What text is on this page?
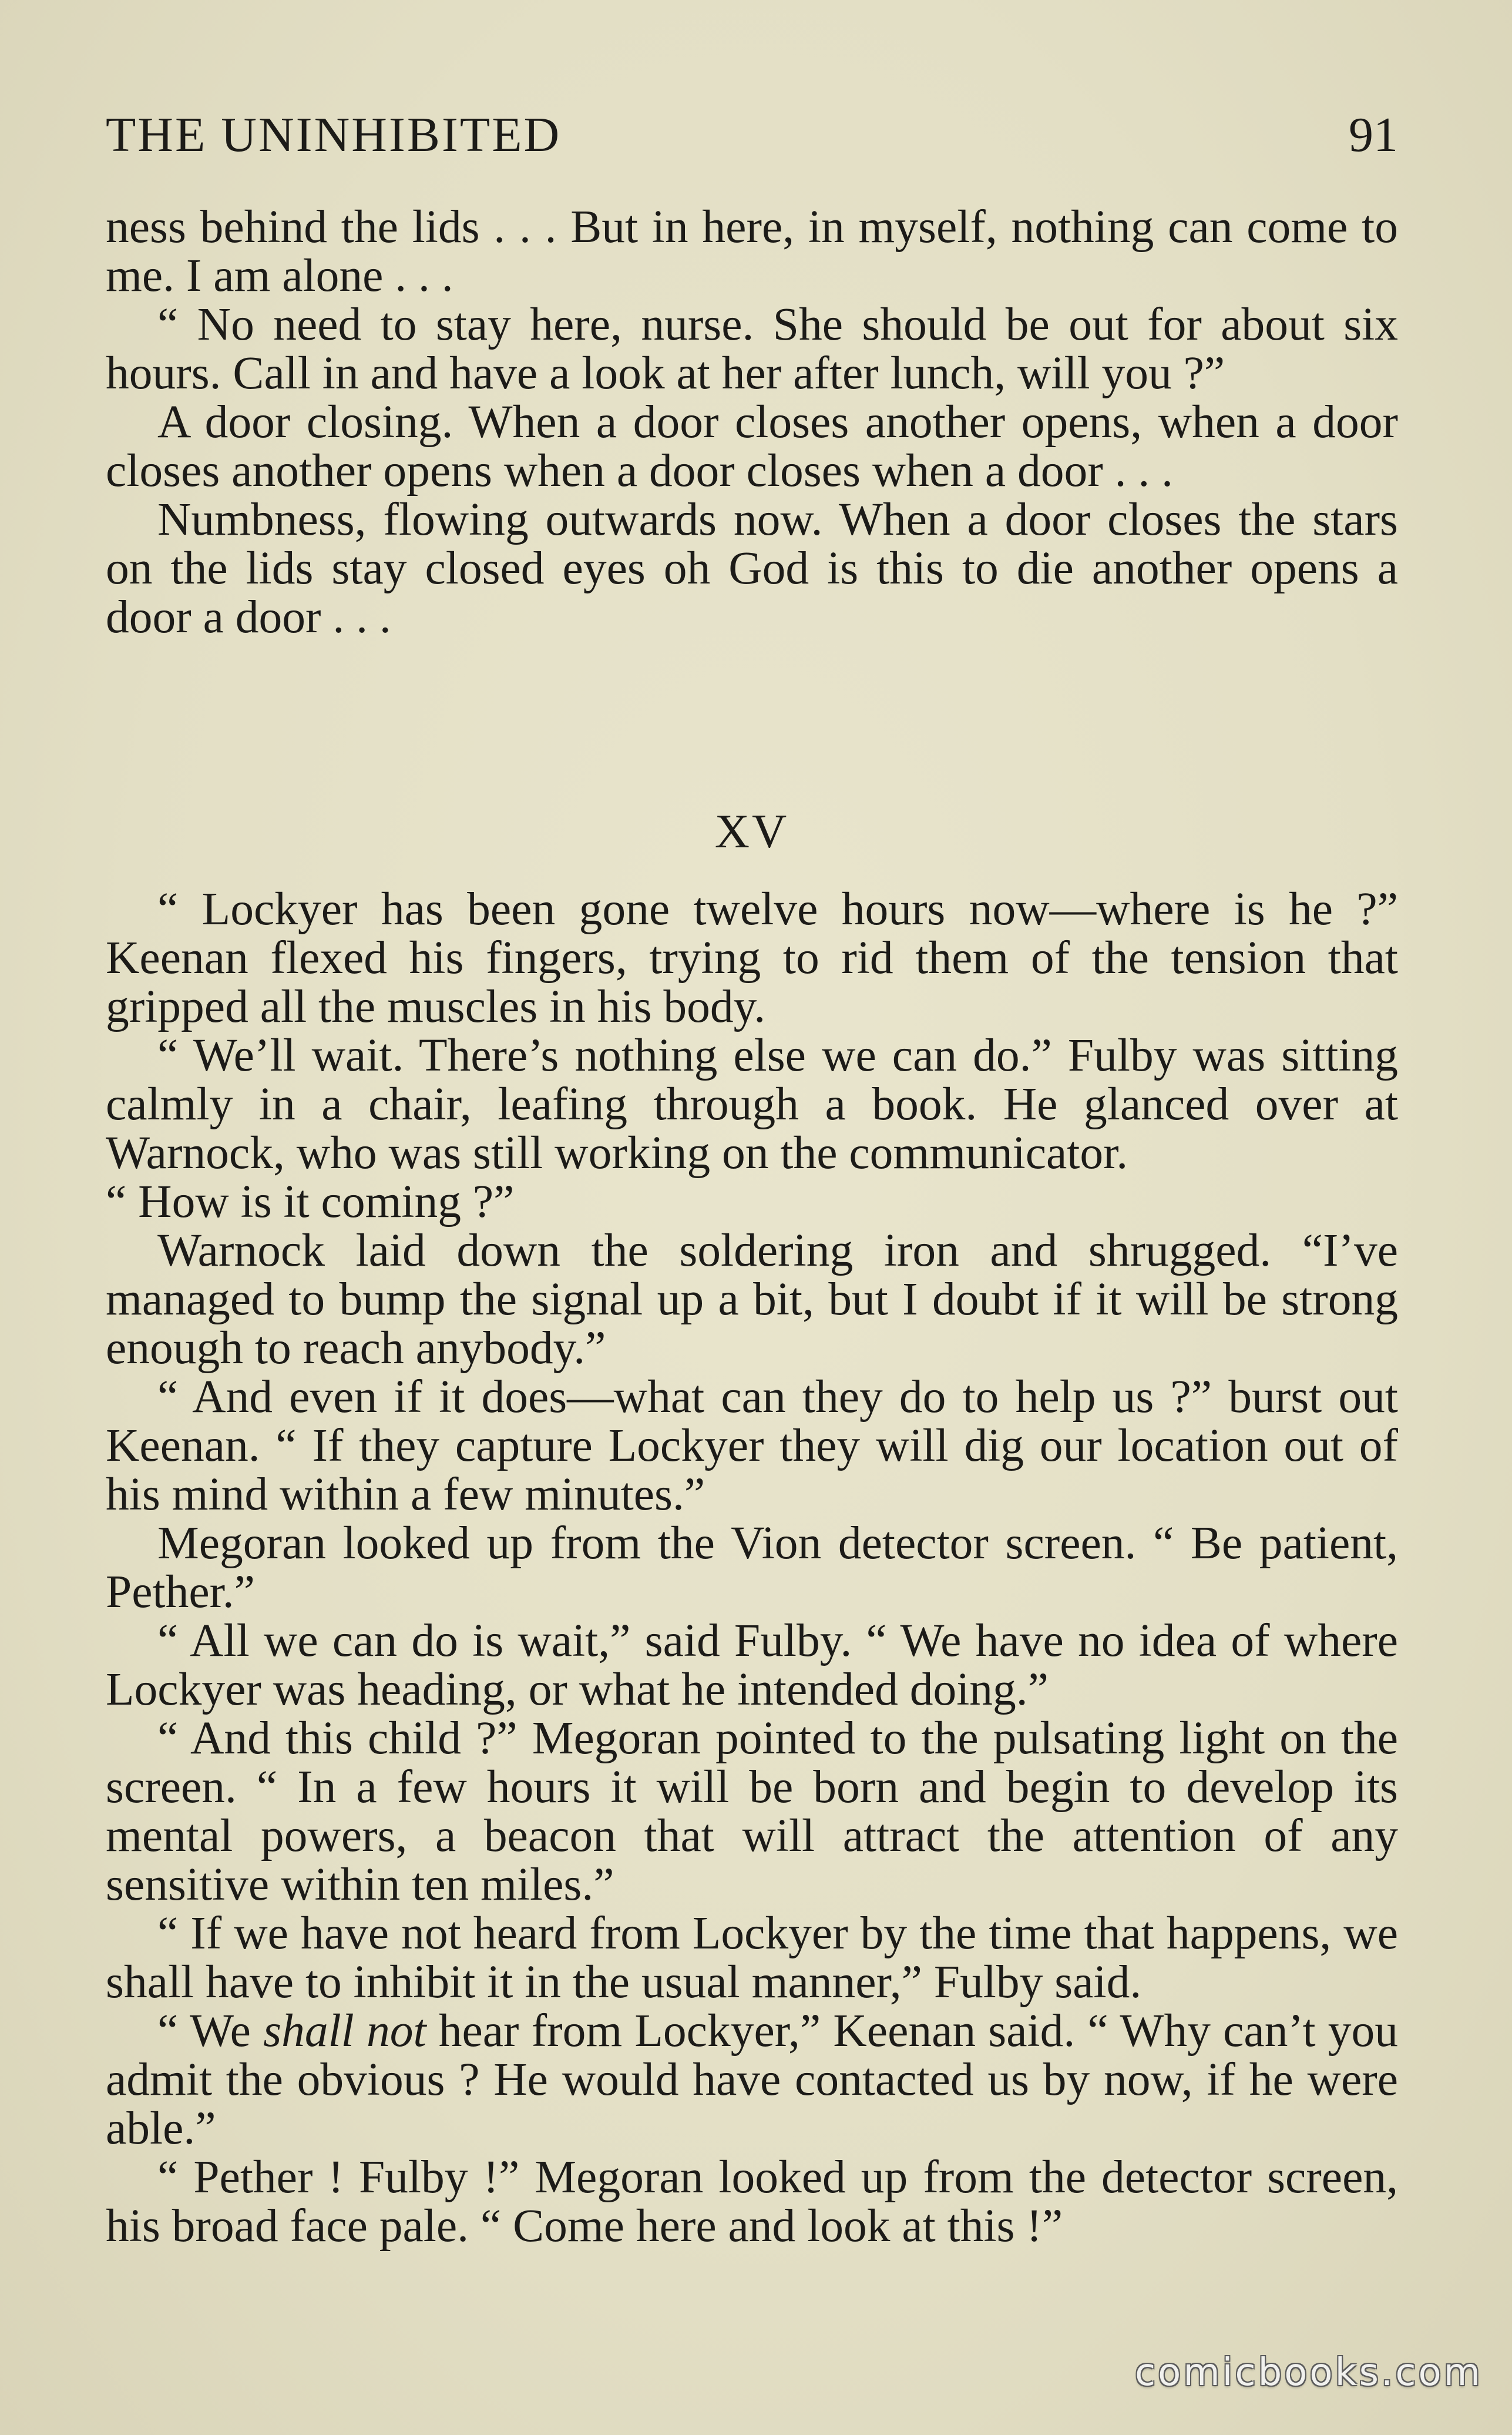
THE UNINHIBITED	91

ness behind the lids . . . But in here, in myself, nothing can come to me. I am alone . . .

“ No need to stay here, nurse. She should be out for about six hours. Call in and have a look at her after lunch, will you ?”

A door closing. When a door closes another opens, when a door closes another opens when a door closes when a door . . .

Numbness, flowing outwards now. When a door closes the stars on the lids stay closed eyes oh God is this to die another opens a door a door . . .

XV

“ Lockyer has been gone twelve hours now—where is he ?” Keenan flexed his fingers, trying to rid them of the tension that gripped all the muscles in his body.

“ We’ll wait. There’s nothing else we can do.” Fulby was sitting calmly in a chair, leafing through a book. He glanced over at Warnock, who was still working on the communicator.

“ How is it coming ?”

Warnock laid down the soldering iron and shrugged. “I’ve managed to bump the signal up a bit, but I doubt if it will be strong enough to reach anybody.”

“ And even if it does—what can they do to help us ?” burst out Keenan. “ If they capture Lockyer they will dig our location out of his mind within a few minutes.”

Megoran looked up from the Vion detector screen. “ Be patient, Pether.”

“ All we can do is wait,” said Fulby. “ We have no idea of where Lockyer was heading, or what he intended doing.”

“ And this child ?” Megoran pointed to the pulsating light on the screen. “ In a few hours it will be born and begin to develop its mental powers, a beacon that will attract the attention of any sensitive within ten miles.”

“ If we have not heard from Lockyer by the time that happens, we shall have to inhibit it in the usual manner,” Fulby said.

“ We shall not hear from Lockyer,” Keenan said. “ Why can’t you admit the obvious ? He would have contacted us by now, if he were able.”

“ Pether ! Fulby !” Megoran looked up from the detector screen, his broad face pale. “ Come here and look at this !”

comicbooks.com
